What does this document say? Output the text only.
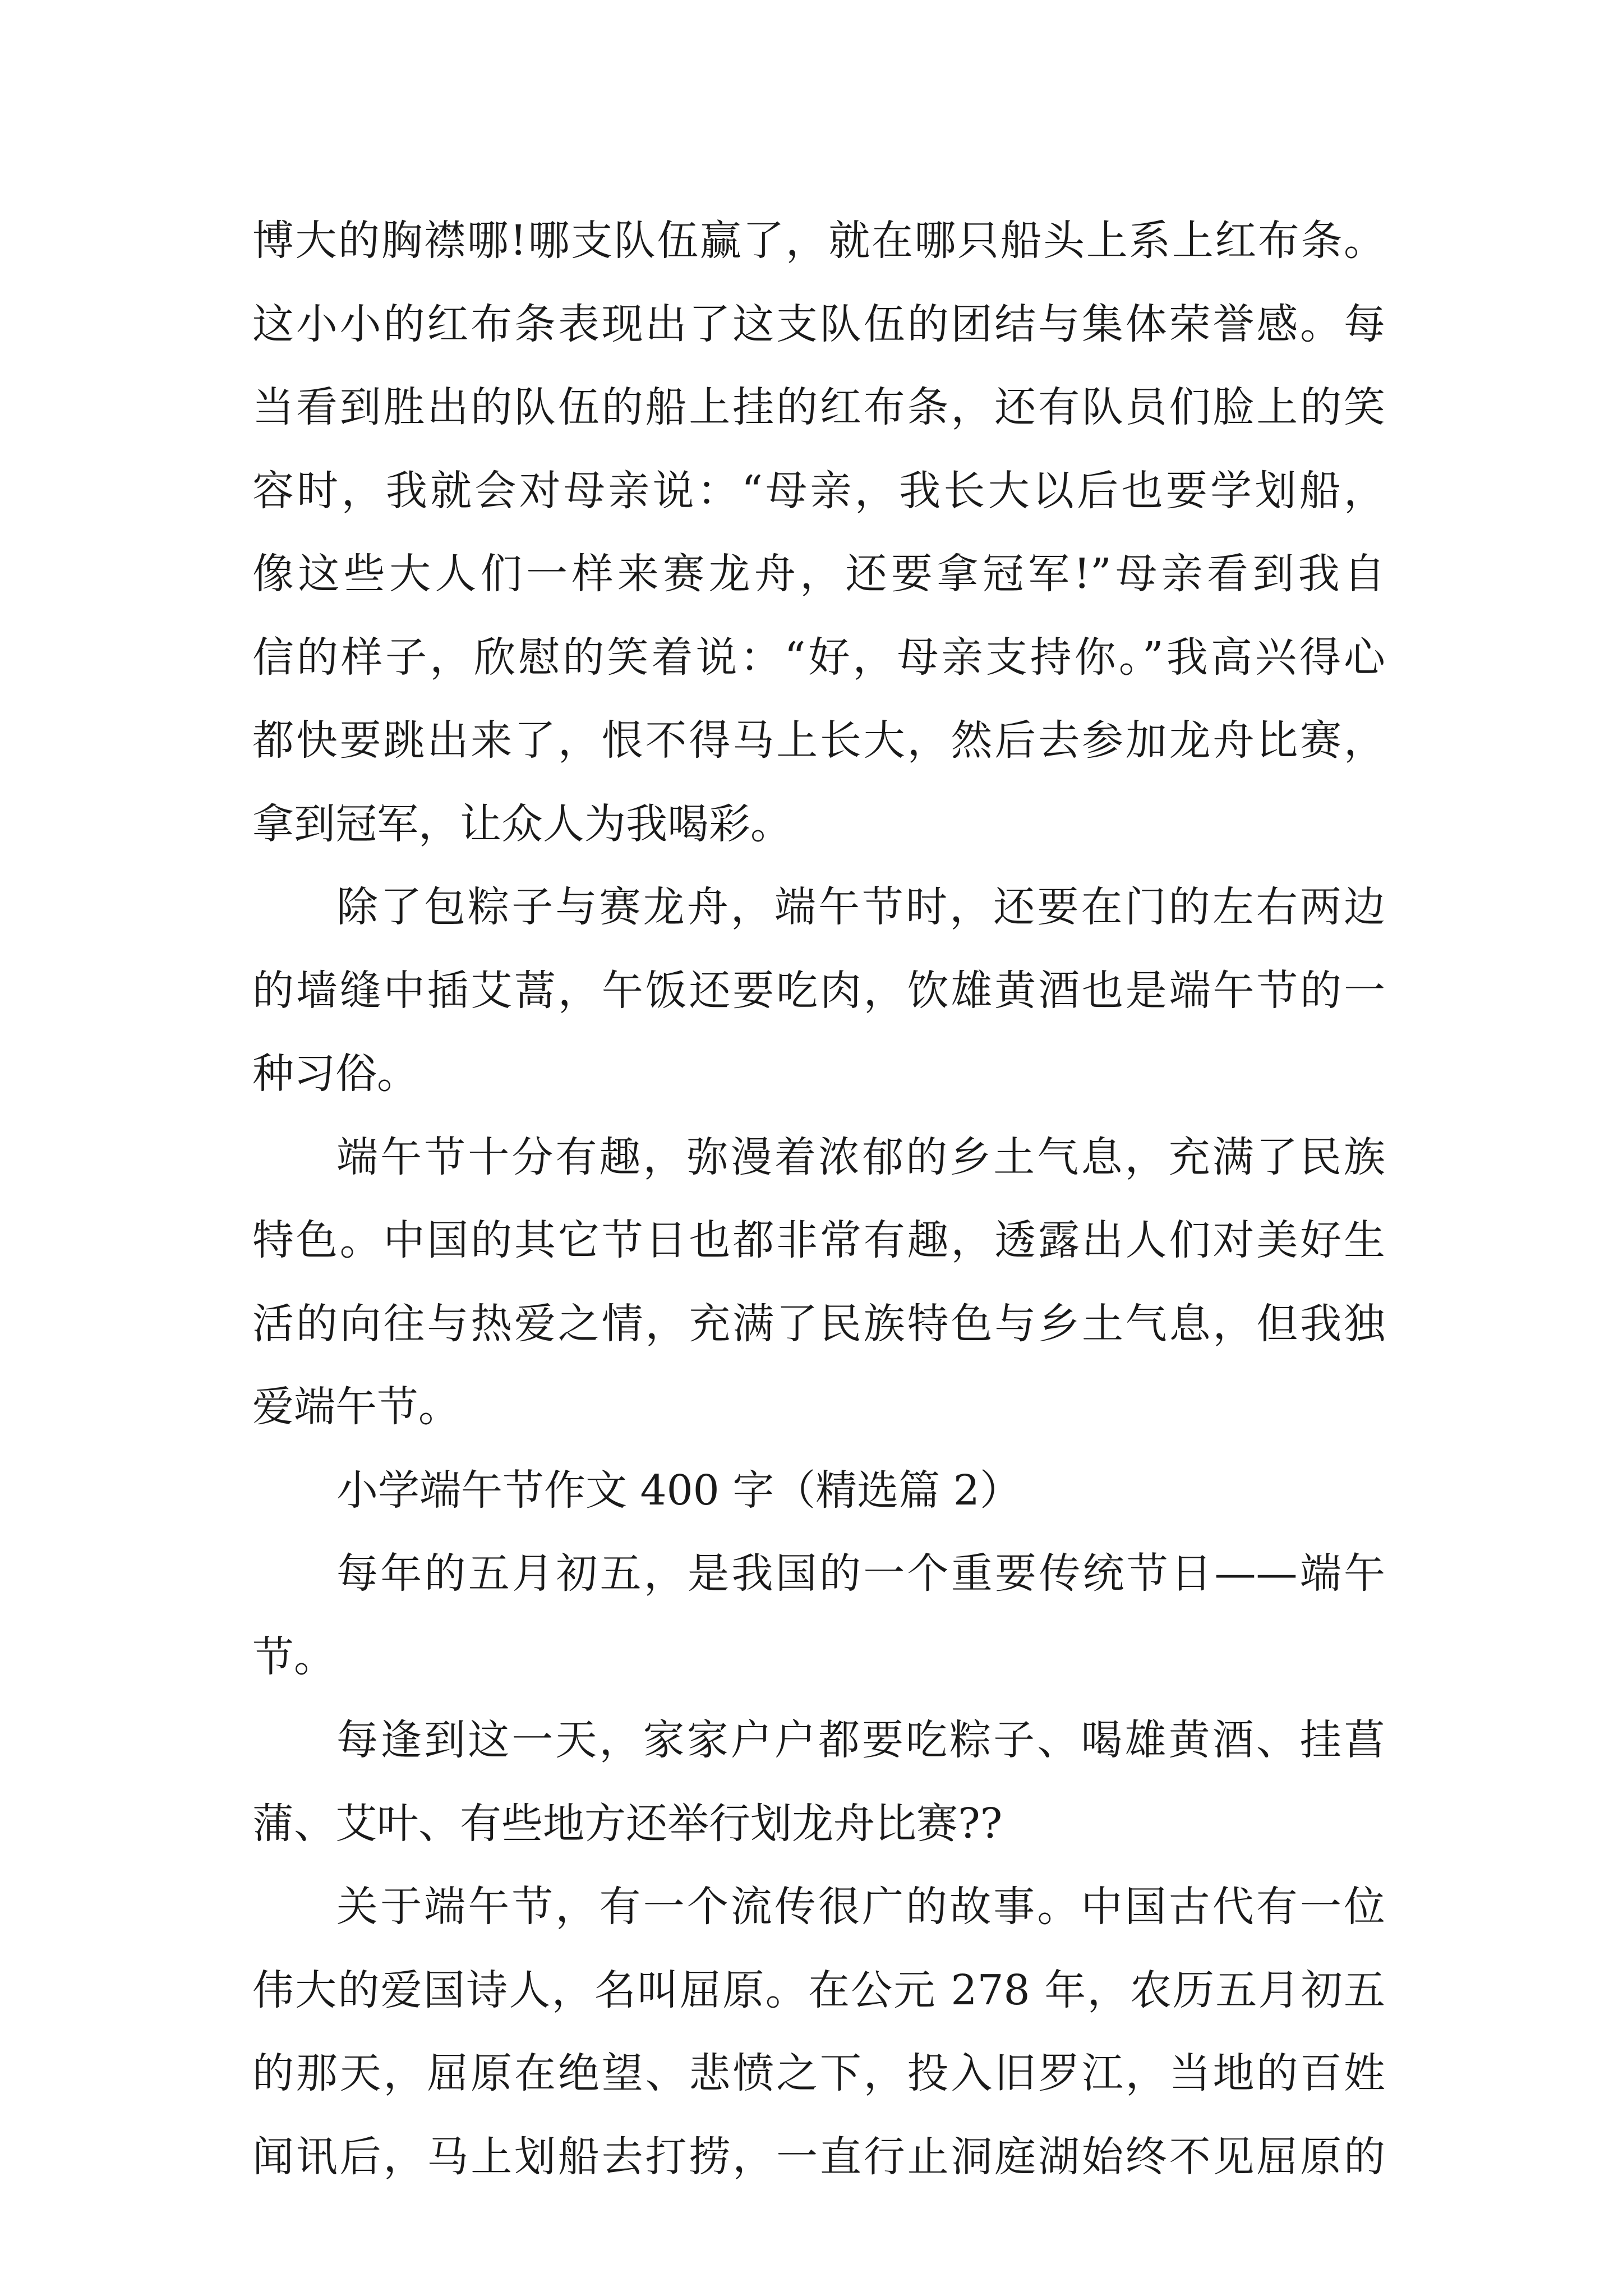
博大的胸襟哪!哪支队伍赢了，就在哪只船头上系上红布条。
这小小的红布条表现出了这支队伍的团结与集体荣誉感。每
当看到胜出的队伍的船上挂的红布条，还有队员们脸上的笑
容时，我就会对母亲说：“母亲，我长大以后也要学划船，
像这些大人们一样来赛龙舟，还要拿冠军!”母亲看到我自
信的样子，欣慰的笑着说：“好，母亲支持你。”我高兴得心
都快要跳出来了，恨不得马上长大，然后去参加龙舟比赛，
拿到冠军，让众人为我喝彩。
除了包粽子与赛龙舟，端午节时，还要在门的左右两边
的墙缝中插艾蒿，午饭还要吃肉，饮雄黄酒也是端午节的一
种习俗。
端午节十分有趣，弥漫着浓郁的乡土气息，充满了民族
特色。中国的其它节日也都非常有趣，透露出人们对美好生
活的向往与热爱之情，充满了民族特色与乡土气息，但我独
爱端午节。
小学端午节作文 400 字（精选篇 2）
每年的五月初五，是我国的一个重要传统节日——端午
节。
每逢到这一天，家家户户都要吃粽子、喝雄黄酒、挂菖
蒲、艾叶、有些地方还举行划龙舟比赛??
关于端午节，有一个流传很广的故事。中国古代有一位
伟大的爱国诗人，名叫屈原。在公元 278 年，农历五月初五
的那天，屈原在绝望、悲愤之下，投入旧罗江，当地的百姓
闻讯后，马上划船去打捞，一直行止洞庭湖始终不见屈原的
